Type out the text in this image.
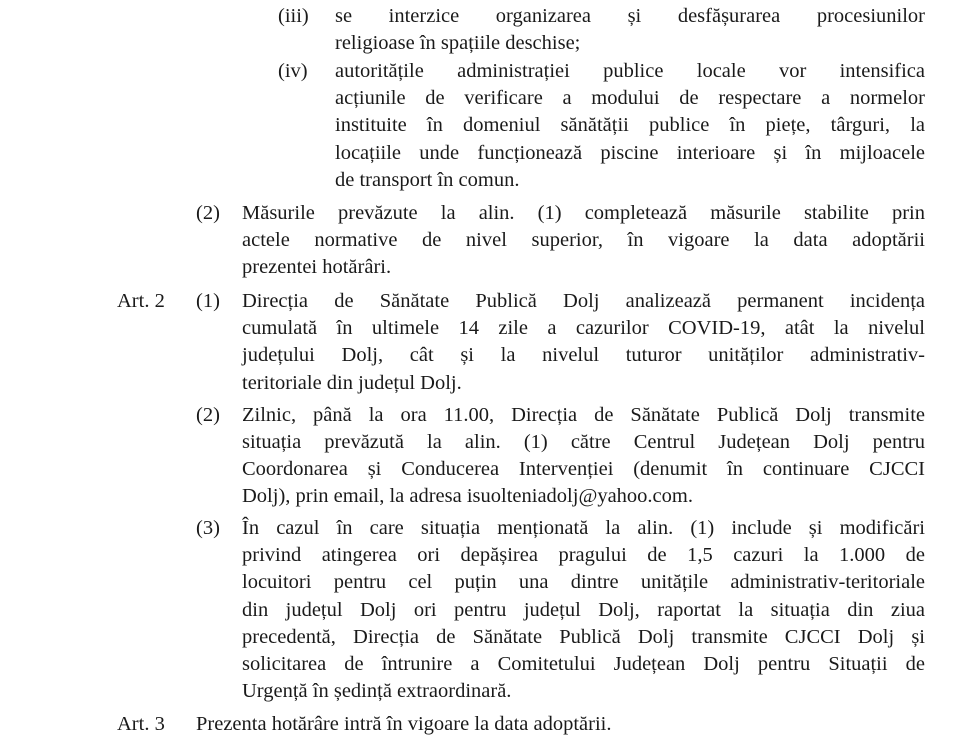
(iii) se interzice organizarea și desfășurarea procesiunilor
religioase în spațiile deschise;
(iv) autoritățile administrației publice locale vor intensifica
acțiunile de verificare a modului de respectare a normelor
instituite în domeniul sănătății publice în piețe, târguri, la
locațiile unde funcționează piscine interioare și în mijloacele
de transport în comun.
(2) Măsurile prevăzute la alin. (1) completează măsurile stabilite prin
actele normative de nivel superior, în vigoare la data adoptării
prezentei hotărâri.
Art. 2 (1) Direcția de Sănătate Publică Dolj analizează permanent incidența
cumulată în ultimele 14 zile a cazurilor COVID-19, atât la nivelul
județului Dolj, cât și la nivelul tuturor unităților administrativ-
teritoriale din județul Dolj.
(2) Zilnic, până la ora 11.00, Direcția de Sănătate Publică Dolj transmite
situația prevăzută la alin. (1) către Centrul Județean Dolj pentru
Coordonarea și Conducerea Intervenției (denumit în continuare CJCCI
Dolj), prin email, la adresa isuolteniadolj@yahoo.com.
(3) În cazul în care situația menționată la alin. (1) include și modificări
privind atingerea ori depășirea pragului de 1,5 cazuri la 1.000 de
locuitori pentru cel puțin una dintre unitățile administrativ-teritoriale
din județul Dolj ori pentru județul Dolj, raportat la situația din ziua
precedentă, Direcția de Sănătate Publică Dolj transmite CJCCI Dolj și
solicitarea de întrunire a Comitetului Județean Dolj pentru Situații de
Urgență în ședință extraordinară.
Art. 3 Prezenta hotărâre intră în vigoare la data adoptării.
